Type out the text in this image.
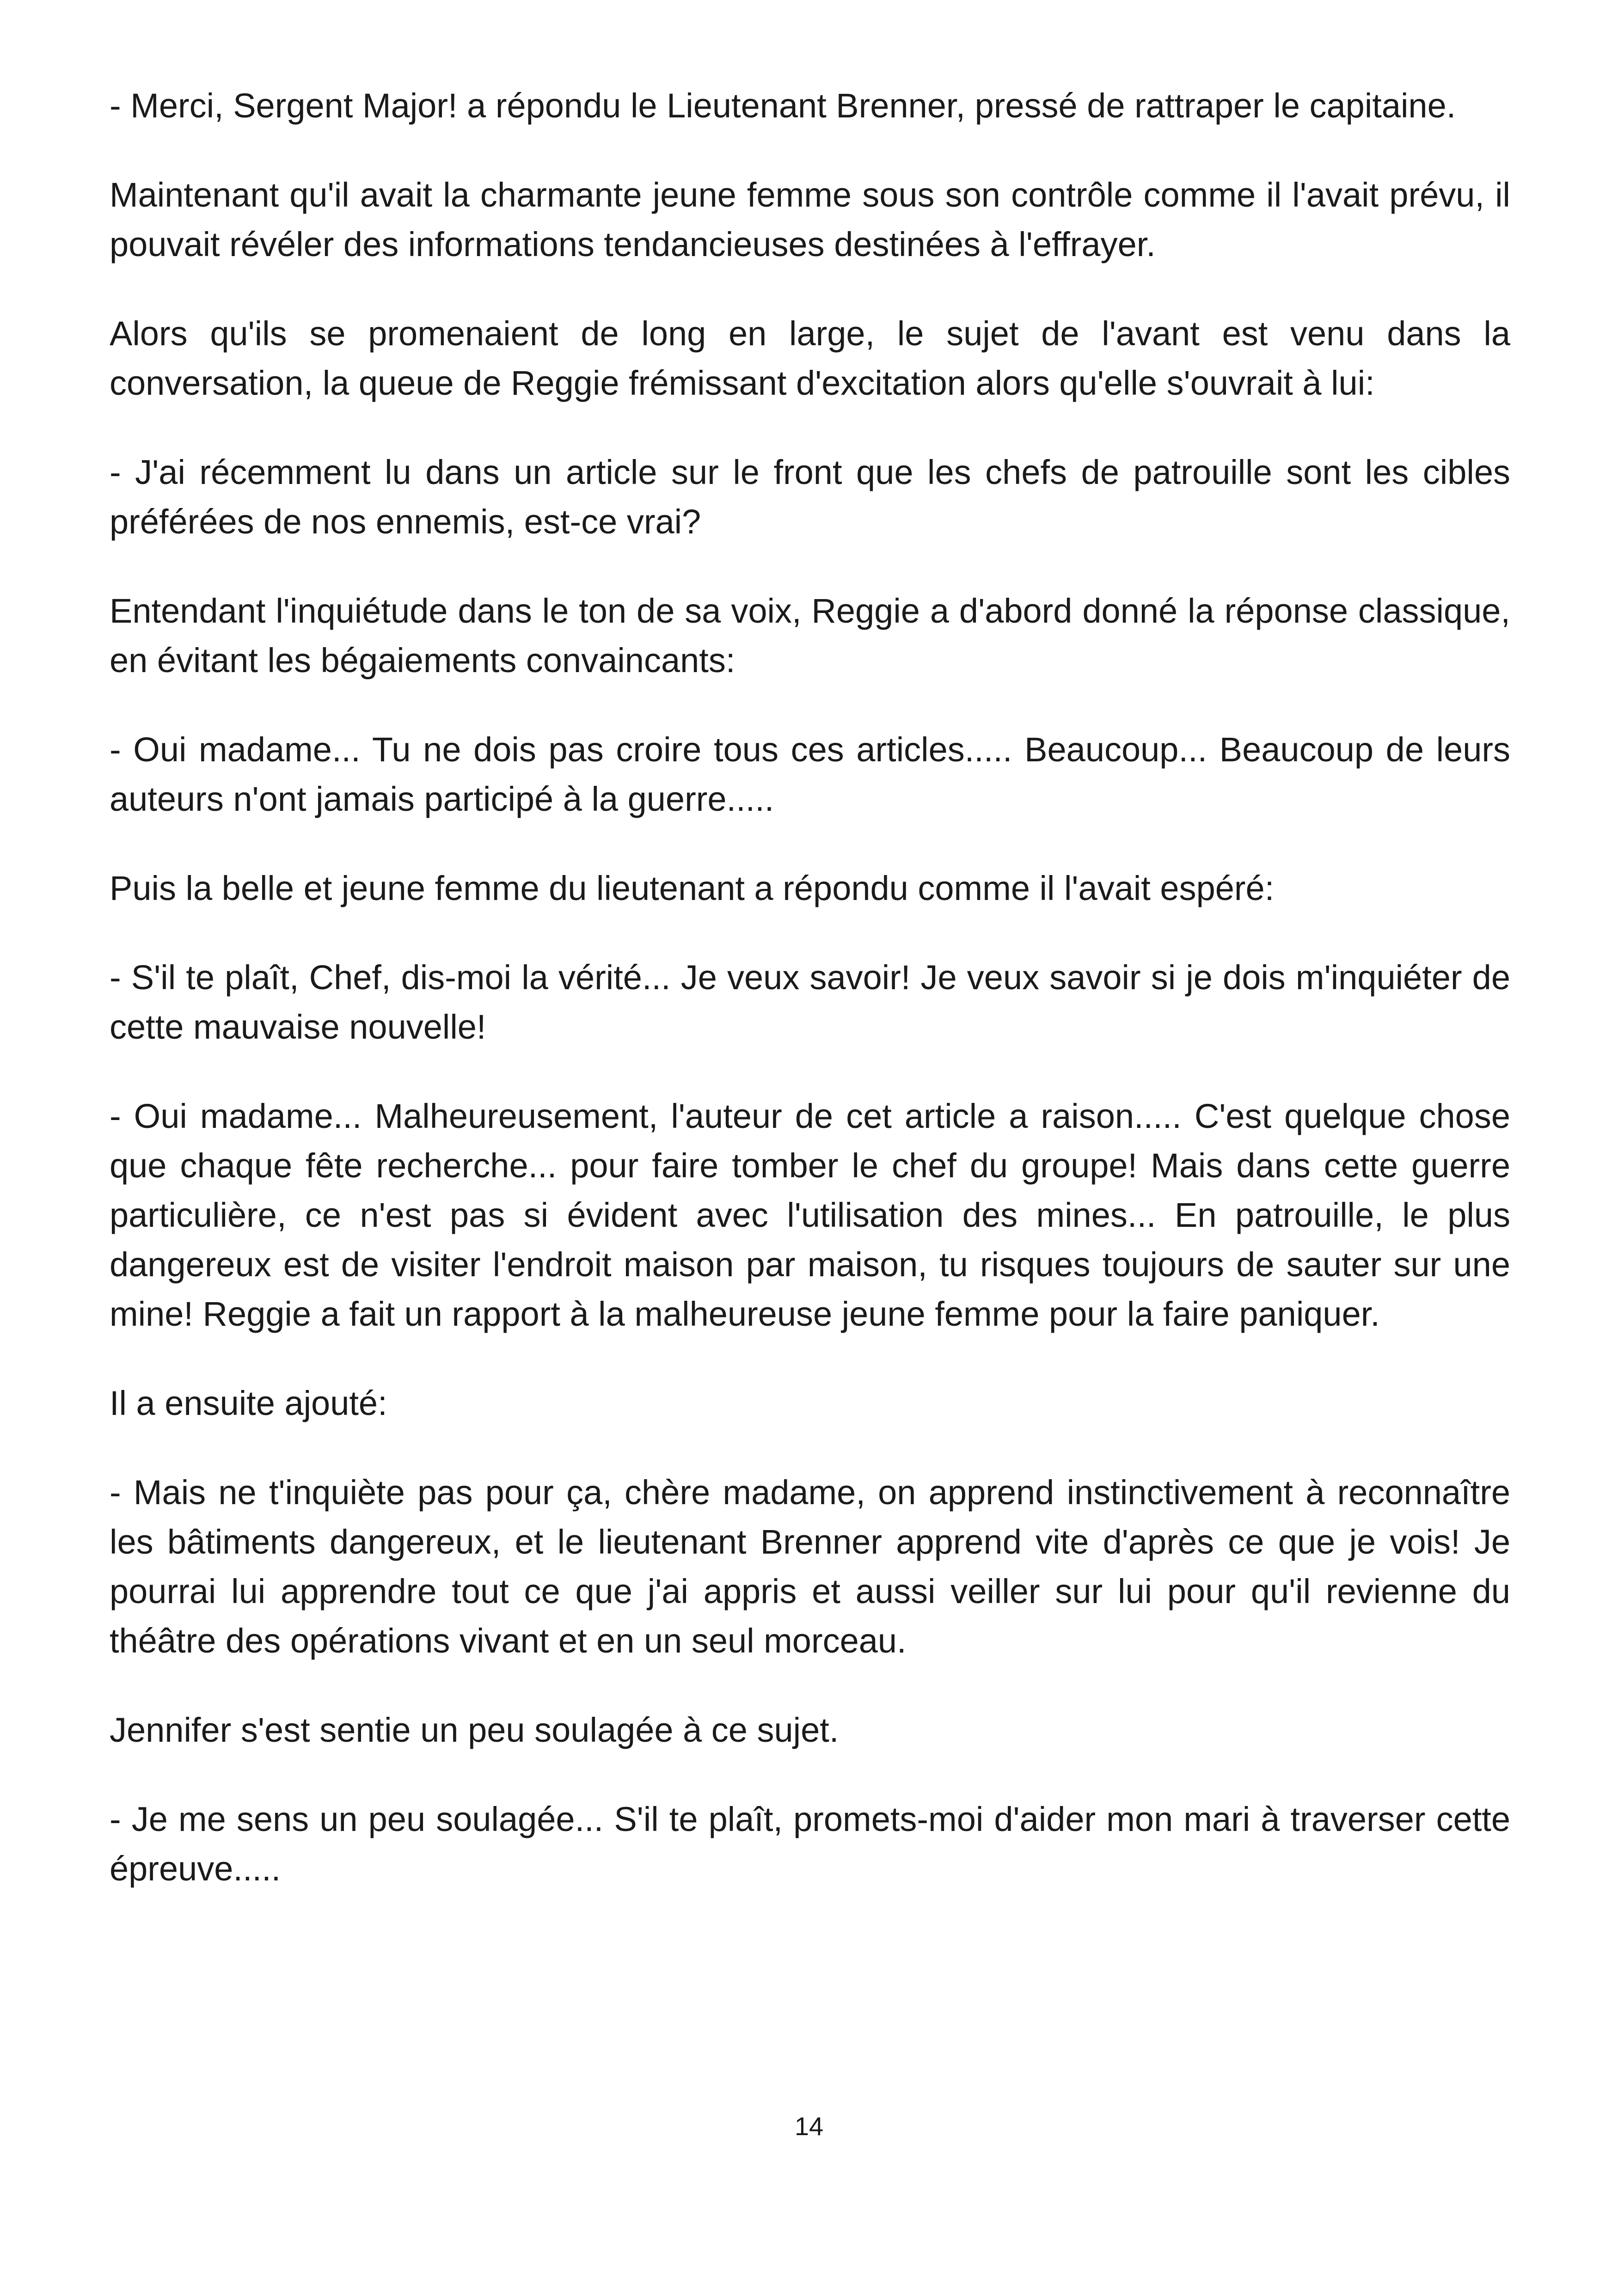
- Merci, Sergent Major! a répondu le Lieutenant Brenner, pressé de rattraper le capitaine.

Maintenant qu'il avait la charmante jeune femme sous son contrôle comme il l'avait prévu, il pouvait révéler des informations tendancieuses destinées à l'effrayer.

Alors qu'ils se promenaient de long en large, le sujet de l'avant est venu dans la conversation, la queue de Reggie frémissant d'excitation alors qu'elle s'ouvrait à lui:

- J'ai récemment lu dans un article sur le front que les chefs de patrouille sont les cibles préférées de nos ennemis, est-ce vrai?

Entendant l'inquiétude dans le ton de sa voix, Reggie a d'abord donné la réponse classique, en évitant les bégaiements convaincants:

- Oui madame... Tu ne dois pas croire tous ces articles..... Beaucoup... Beaucoup de leurs auteurs n'ont jamais participé à la guerre.....

Puis la belle et jeune femme du lieutenant a répondu comme il l'avait espéré:

- S'il te plaît, Chef, dis-moi la vérité... Je veux savoir! Je veux savoir si je dois m'inquiéter de cette mauvaise nouvelle!

- Oui madame... Malheureusement, l'auteur de cet article a raison..... C'est quelque chose que chaque fête recherche... pour faire tomber le chef du groupe! Mais dans cette guerre particulière, ce n'est pas si évident avec l'utilisation des mines... En patrouille, le plus dangereux est de visiter l'endroit maison par maison, tu risques toujours de sauter sur une mine! Reggie a fait un rapport à la malheureuse jeune femme pour la faire paniquer.

Il a ensuite ajouté:

- Mais ne t'inquiète pas pour ça, chère madame, on apprend instinctivement à reconnaître les bâtiments dangereux, et le lieutenant Brenner apprend vite d'après ce que je vois! Je pourrai lui apprendre tout ce que j'ai appris et aussi veiller sur lui pour qu'il revienne du théâtre des opérations vivant et en un seul morceau.

Jennifer s'est sentie un peu soulagée à ce sujet.

- Je me sens un peu soulagée... S'il te plaît, promets-moi d'aider mon mari à traverser cette épreuve.....

14
